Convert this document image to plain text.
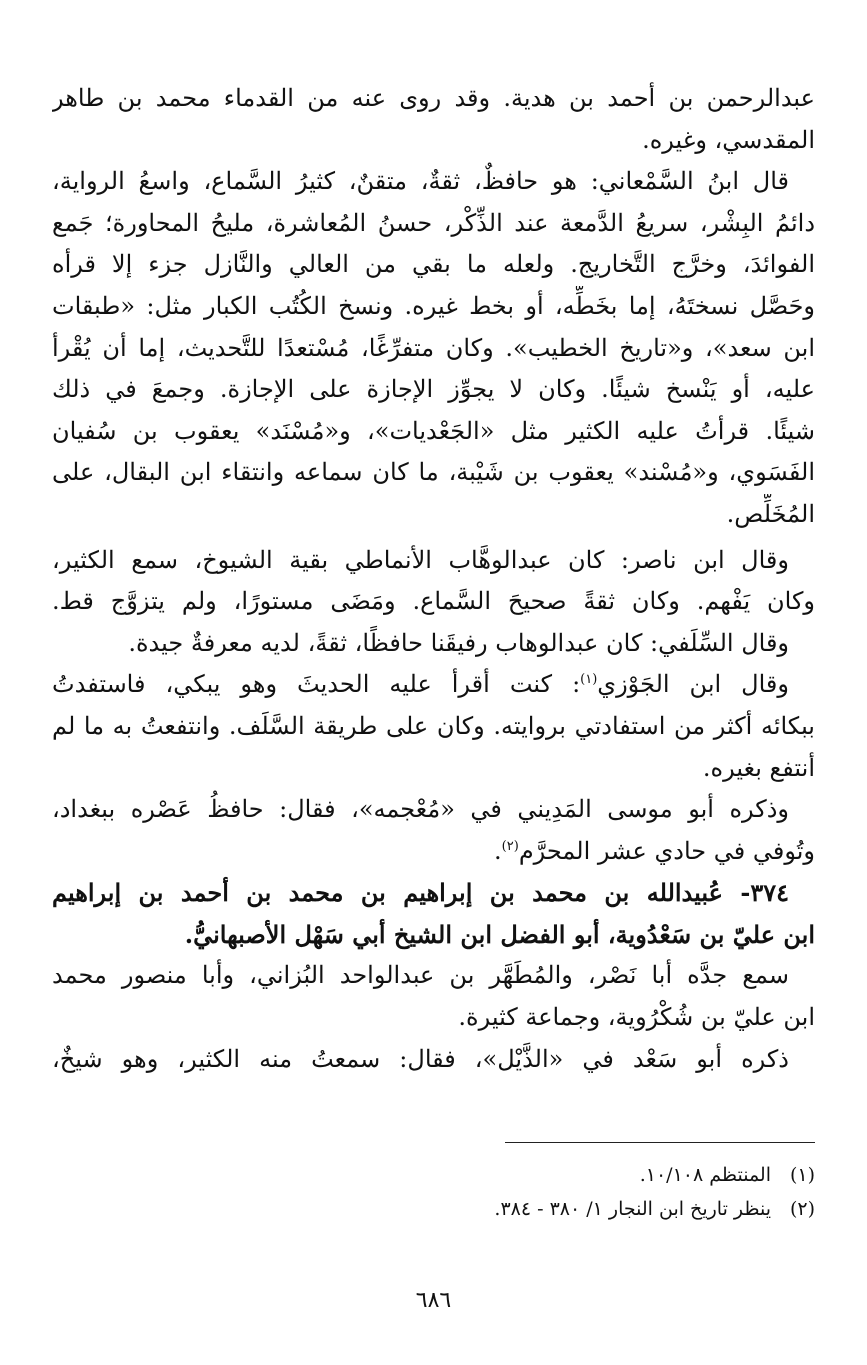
عبدالرحمن بن أحمد بن هدية. وقد روى عنه من القدماء محمد بن طاهر
المقدسي، وغيره.
قال ابنُ السَّمْعاني: هو حافظٌ، ثقةٌ، متقنٌ، كثيرُ السَّماع، واسعُ الرواية،
دائمُ البِشْر، سريعُ الدَّمعة عند الذِّكْر، حسنُ المُعاشرة، مليحُ المحاورة؛ جَمع
الفوائدَ، وخرَّج التَّخاريج. ولعله ما بقي من العالي والنَّازل جزء إلا قرأه
وحَصَّل نسختَهُ، إما بخَطِّه، أو بخط غيره. ونسخ الكُتُب الكبار مثل: «طبقات
ابن سعد»، و«تاريخ الخطيب». وكان متفرِّغًا، مُسْتعدًا للتَّحديث، إما أن يُقْرأ
عليه، أو يَنْسخ شيئًا. وكان لا يجوِّز الإجازة على الإجازة. وجمعَ في ذلك
شيئًا. قرأتُ عليه الكثير مثل «الجَعْديات»، و«مُسْنَد» يعقوب بن سُفيان
الفَسَوي، و«مُسْند» يعقوب بن شَيْبة، ما كان سماعه وانتقاء ابن البقال، على
المُخَلِّص.
وقال ابن ناصر: كان عبدالوهَّاب الأنماطي بقية الشيوخ، سمع الكثير،
وكان يَفْهم. وكان ثقةً صحيحَ السَّماع. ومَضَى مستورًا، ولم يتزوَّج قط.
وقال السِّلَفي: كان عبدالوهاب رفيقَنا حافظًا، ثقةً، لديه معرفةٌ جيدة.
وقال ابن الجَوْزي$^{(١)}$: كنت أقرأ عليه الحديثَ وهو يبكي، فاستفدتُ
ببكائه أكثر من استفادتي بروايته. وكان على طريقة السَّلَف. وانتفعتُ به ما لم
أنتفع بغيره.
وذكره أبو موسى المَدِيني في «مُعْجمه»، فقال: حافظُ عَصْره ببغداد،
وتُوفي في حادي عشر المحرَّم$^{(٢)}$.
٣٧٤- عُبيدالله بن محمد بن إبراهيم بن محمد بن أحمد بن إبراهيم
ابن عليّ بن سَعْدُوية، أبو الفضل ابن الشيخ أبي سَهْل الأصبهانيُّ.
سمع جدَّه أبا نَصْر، والمُطَهَّر بن عبدالواحد البُزاني، وأبا منصور محمد
ابن عليّ بن شُكْرُوية، وجماعة كثيرة.
ذكره أبو سَعْد في «الذَّيْل»، فقال: سمعتُ منه الكثير، وهو شيخٌ،
(١)المنتظم ١٠/١٠٨.
(٢)ينظر تاريخ ابن النجار ١/ ٣٨٠ - ٣٨٤.
٦٨٦
